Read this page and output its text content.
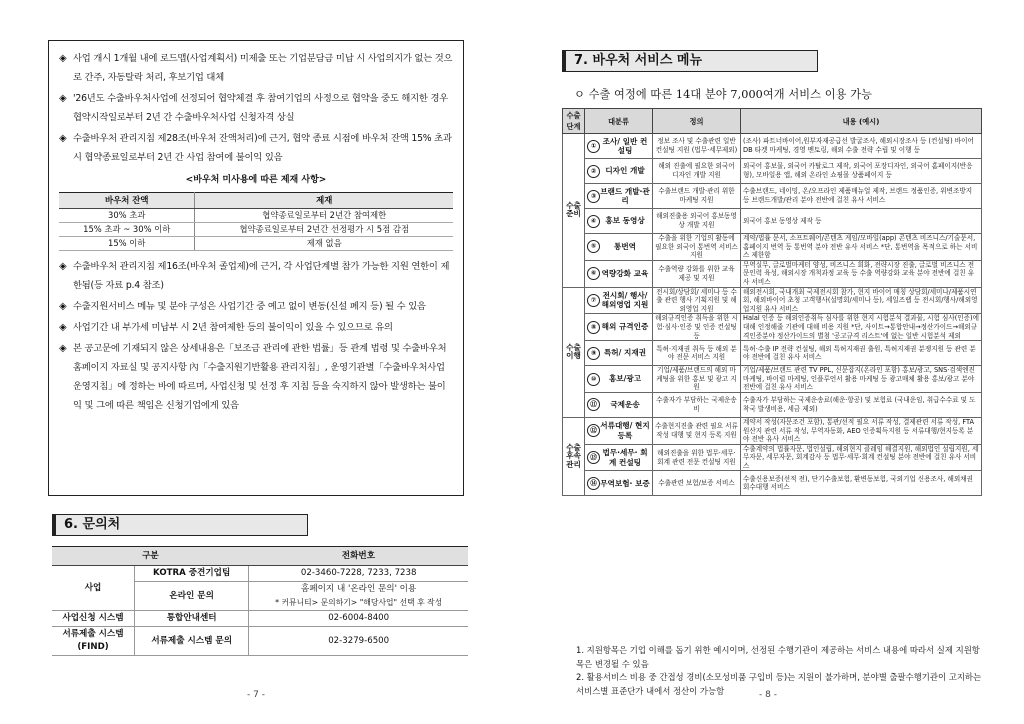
◈ 사업 개시 1개월 내에 로드맵(사업계획서) 미제출 또는 기업분담금 미납 시 사업의지가 없는 것으로 간주, 자동탈락 처리, 후보기업 대체
◈ '26년도 수출바우처사업에 선정되어 협약체결 후 참여기업의 사정으로 협약을 중도 해지한 경우 협약시작일로부터 2년 간 수출바우처사업 신청자격 상실
◈ 수출바우처 관리지침 제28조(바우처 잔액처리)에 근거, 협약 종료 시점에 바우처 잔액 15% 초과 시 협약종료일로부터 2년 간 사업 참여에 불이익 있음
<바우처 미사용에 따른 제재 사항>
바우처 잔액	제재
30% 초과	협약종료일로부터 2년간 참여제한
15% 초과 ~ 30% 이하	협약종료일로부터 2년간 선정평가 시 5점 감점
15% 이하	제재 없음
◈ 수출바우처 관리지침 제16조(바우처 졸업제)에 근거, 각 사업단계별 참가 가능한 지원 연한이 제한됨(등 자료 p.4 참조)
◈ 수출지원서비스 메뉴 및 분야 구성은 사업기간 중 예고 없이 변동(신설 폐지 등) 될 수 있음
◈ 사업기간 내 부가세 미납부 시 2년 참여제한 등의 불이익이 있을 수 있으므로 유의
◈ 본 공고문에 기재되지 않은 상세내용은「보조금 관리에 관한 법률」등 관계 법령 및 수출바우처 홈페이지 자료실 및 공지사항 內「수출지원기반활용 관리지침」, 운영기관별「수출바우처사업 운영지침」에 정하는 바에 따르며, 사업신청 및 선정 후 지침 등을 숙지하지 않아 발생하는 불이익 및 그에 따른 책임은 신청기업에게 있음
6. 문의처
구분		전화번호
사업	KOTRA 중견기업팀	02-3460-7228, 7233, 7238
	온라인 문의	홈페이지 내 '온라인 문의' 이용
* 커뮤니티> 문의하기> "해당사업" 선택 후 작성

사업신청 시스템	통합안내센터	02-6004-8400
서류제출 시스템(FIND)	서류제출 시스템 문의	02-3279-6500
- 7 -
7. 바우처 서비스 메뉴
ㅇ 수출 여정에 따른 14대 분야 7,000여개 서비스 이용 가능
수출 단계	대분류	정의	내용 (예시)
수출 준비	① 조사/ 일반 컨설팅	정보 조사 및 수출관련 일반 컨설팅 지원 (법무·세무제외)	(조사) 파트너바이어,원부자재공급선 발굴조사, 해외시장조사 등 (컨설팅) 바이어DB 타겟 마케팅, 경영 멘토링, 해외 수출 전략 수립 및 이행 등

	② 디자인 개발	해외 진출에 필요한 외국어 디자인 개발 지원	외국어 홍보물, 외국어 카탈로그 제작, 외국어 포장디자인, 외국어 홈페이지(반응형), 모바일용 앱, 해외 온라인 쇼핑몰 상품페이지 등

	③ 브랜드 개발·관리	수출브랜드 개발·관리 위한 마케팅 지원	수출브랜드, 네이밍, 온/오프라인 제품매뉴얼 제작, 브랜드 정품인증, 위변조방지 등 브랜드개발/관리 분야 전반에 걸친 유사 서비스

	④ 홍보 동영상	해외진출용 외국어 홍보동영상 개발 지원	외국어 홍보 동영상 제작 등

	⑤ 통번역	수출을 위한 기업의 활동에 필요한 외국어 통번역 서비스 지원	계약/법률 문서, 소프트웨어/콘텐츠 게임/모바일(app) 콘텐츠 비즈니스/기술문서, 홈페이지 번역 등 통번역 분야 전반 유사 서비스 *단, 통번역을 목적으로 하는 서비스 제한함

	⑥ 역량강화 교육	수출역량 강화를 위한 교육 제공 및 지원	무역실무, 글로벌마케터 양성, 비즈니스 회화, 전략시장 진출, 글로벌 비즈니스 전문인력 육성, 해외시장 개척과정 교육 등 수출 역량강화 교육 분야 전반에 걸친 유사 서비스
수출 이행	⑦ 전시회/ 행사/ 해외영업 지원	전시회/상담회/ 세미나 등 수출 관련 행사 기획지원 및 해외영업 지원	해외전시회, 국내개최 국제전시회 참가, 현지 바이어 매칭 상담회/세미나/제품시연회, 해외바이어 초청 고객행사(설명회/세미나 등), 세일즈랩 등 전시회/행사/해외영업지원 유사 서비스

	⑧ 해외 규격인증	해외규격인증 취득을 위한 시험·심사·인증 및 인증 컨설팅 등	Halal 인증 등 해외인증취득 심사를 위한 현지 시험분석 결과물, 시험 심사(인증)에 대해 인정해줄 기관에 대해 비용 지원 *단, 사이트→통합안내→정산가이드→해외규격인증분야 정산가이드의 별첨 '공고규격 리스트'에 없는 일반 시험분석 제외

	⑨ 특허/ 지재권	특허·지재권 취득 등 해외 분야 전문 서비스 지원	특허·수출 IP 전략 컨설팅, 해외 특허지재권 출원, 특허지재권 분쟁지원 등 관련 분야 전반에 걸친 유사 서비스

	⑩ 홍보/광고	기업/제품/브랜드의 해외 마케팅을 위한 홍보 및 광고 지원	기업/제품/브랜드 관련 TV PPL, 신문잡지(온라인 포함) 홍보/광고, SNS·검색엔진 마케팅, 바이럴 마케팅, 인플루언서 활용 마케팅 등 광고매체 활용 홍보/광고 분야 전반에 걸친 유사 서비스

	⑪ 국제운송	수출자가 부담하는 국제운송비	수출자가 부담하는 국제운송료(해운·항공) 및 보험료 (국내운임, 취급수수료 및 도착국 발생비용, 세금 제외)
수출 후속 관리	⑫ 서류대행/ 현지등록	수출현지진출 관련 필요 서류 작성 대행 및 현지 등록 지원	계약서 작성(자문조건 포함), 통관/선적 필요 서류 작성, 결제관련 서류 작성, FTA 원산지 관련 서류 작성, 무역자동화, AEO 인증획득지원 등 서류대행/현지등록 분야 전반 유사 서비스

	⑬ 법무·세무· 회계 컨설팅	해외진출을 위한 법무·세무·회계 관련 전문 컨설팅 지원	수출계약의 법률자문, 법인설립, 해외현지 클레임 해결지원, 해외법인 설립지원, 세무자문, 세무자문, 회계감사 등 법무·세무·회계 컨설팅 분야 전반에 걸친 유사 서비스

	⑭ 무역보험· 보증	수출관련 보험/보증 서비스	수출신용보증(선적 전), 단기수출보험, 환변동보험, 국외기업 신용조사, 해외채권 회수대행 서비스
1. 지원항목은 기업 이해를 돕기 위한 예시이며, 선정된 수행기관이 제공하는 서비스 내용에 따라서 실제 지원항목은 변경될 수 있음
2. 활용서비스 비용 중 간접성 경비(소모성비품 구입비 등)는 지원이 불가하며, 분야별 출팔수행기관이 고지하는 서비스별 표준단가 내에서 정산이 가능함	- 8 -
